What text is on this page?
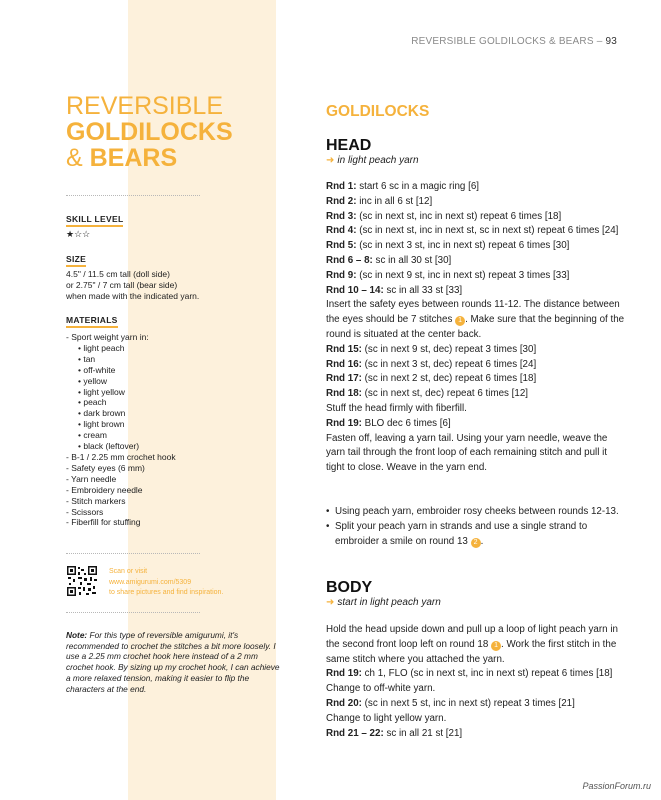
REVERSIBLE GOLDILOCKS & BEARS – 93
REVERSIBLE
GOLDILOCKS
& BEARS
SKILL LEVEL
★☆☆
SIZE
4.5" / 11.5 cm tall (doll side)
or 2.75" / 7 cm tall (bear side)
when made with the indicated yarn.
MATERIALS
- Sport weight yarn in:
• light peach
• tan
• off-white
• yellow
• light yellow
• peach
• dark brown
• light brown
• cream
• black (leftover)
- B-1 / 2.25 mm crochet hook
- Safety eyes (6 mm)
- Yarn needle
- Embroidery needle
- Stitch markers
- Scissors
- Fiberfill for stuffing
Scan or visit
www.amigurumi.com/5309
to share pictures and find inspiration.
Note: For this type of reversible amigurumi, it's recommended to crochet the stitches a bit more loosely. I use a 2.25 mm crochet hook here instead of a 2 mm crochet hook. By sizing up my crochet hook, I can achieve a more relaxed tension, making it easier to flip the characters at the end.
GOLDILOCKS
HEAD
➜ in light peach yarn

Rnd 1: start 6 sc in a magic ring [6]

Rnd 2: inc in all 6 st [12]

Rnd 3: (sc in next st, inc in next st) repeat 6 times [18]

Rnd 4: (sc in next st, inc in next st, sc in next st) repeat 6 times [24]

Rnd 5: (sc in next 3 st, inc in next st) repeat 6 times [30]

Rnd 6 – 8: sc in all 30 st [30]

Rnd 9: (sc in next 9 st, inc in next st) repeat 3 times [33]

Rnd 10 – 14: sc in all 33 st [33]

Insert the safety eyes between rounds 11-12. The distance between the eyes should be 7 stitches 1 . Make sure that the beginning of the round is situated at the center back.

Rnd 15: (sc in next 9 st, dec) repeat 3 times [30]

Rnd 16: (sc in next 3 st, dec) repeat 6 times [24]

Rnd 17: (sc in next 2 st, dec) repeat 6 times [18]

Rnd 18: (sc in next st, dec) repeat 6 times [12]

Stuff the head firmly with fiberfill.

Rnd 19: BLO dec 6 times [6]

Fasten off, leaving a yarn tail. Using your yarn needle, weave the yarn tail through the front loop of each remaining stitch and pull it tight to close. Weave in the yarn end.

• Using peach yarn, embroider rosy cheeks between rounds 12-13.
• Split your peach yarn in strands and use a single strand to embroider a smile on round 13 2 .
BODY
➜ start in light peach yarn

Hold the head upside down and pull up a loop of light peach yarn in the second front loop left on round 18 1 . Work the first stitch in the same stitch where you attached the yarn.

Rnd 19: ch 1, FLO (sc in next st, inc in next st) repeat 6 times [18]

Change to off-white yarn.

Rnd 20: (sc in next 5 st, inc in next st) repeat 3 times [21]

Change to light yellow yarn.

Rnd 21 – 22: sc in all 21 st [21]

PassionForum.ru
